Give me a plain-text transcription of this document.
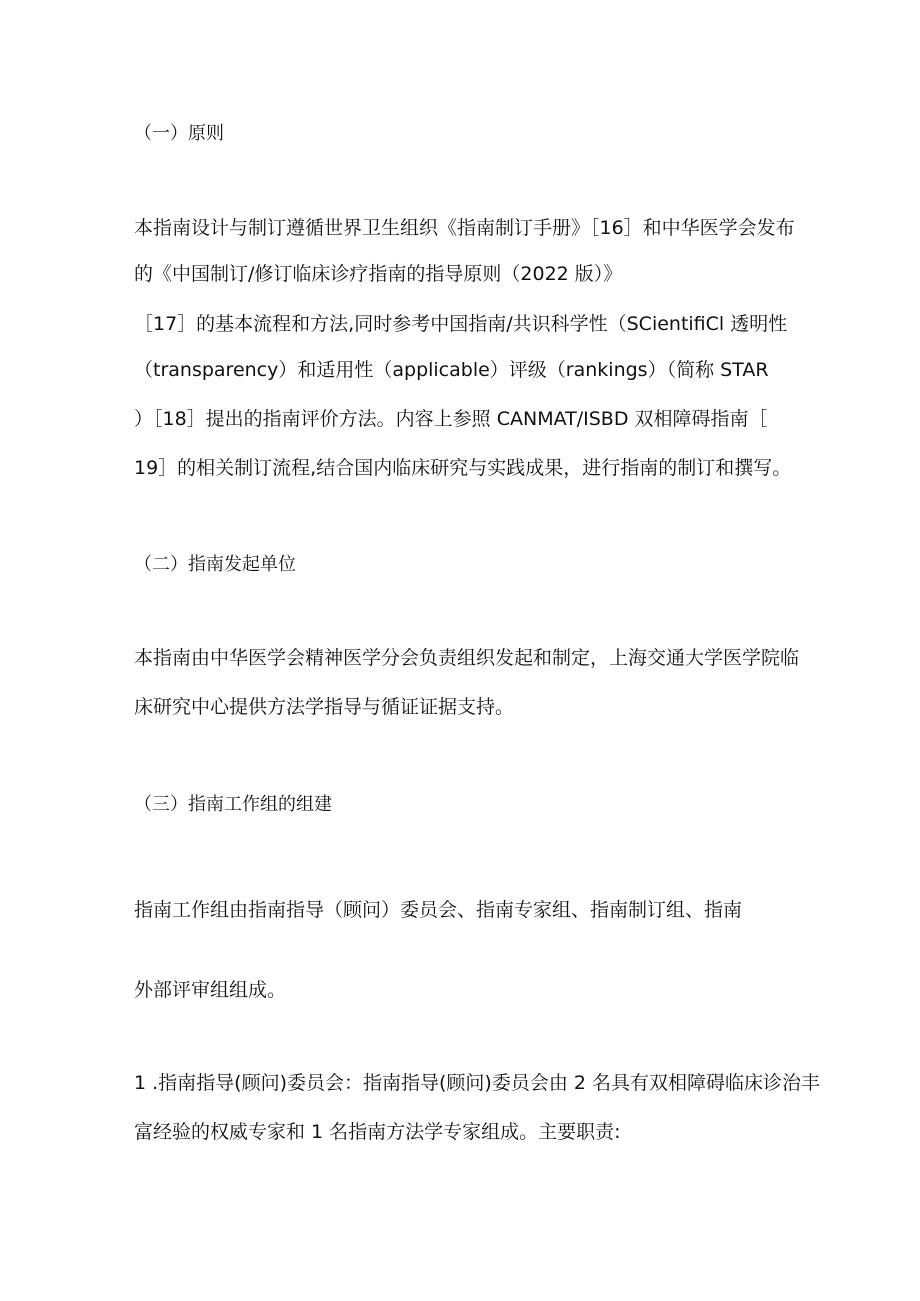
（一）原则
本指南设计与制订遵循世界卫生组织《指南制订手册》［16］和中华医学会发布
的《中国制订/修订临床诊疗指南的指导原则（2022 版）》
［17］的基本流程和方法,同时参考中国指南/共识科学性（SCientifiCl 透明性
（transparency）和适用性（applicable）评级（rankings）（简称 STAR
）［18］提出的指南评价方法。内容上参照 CANMAT/ISBD 双相障碍指南［
19］的相关制订流程,结合国内临床研究与实践成果，进行指南的制订和撰写。
（二）指南发起单位
本指南由中华医学会精神医学分会负责组织发起和制定，上海交通大学医学院临
床研究中心提供方法学指导与循证证据支持。
（三）指南工作组的组建
指南工作组由指南指导（顾问）委员会、指南专家组、指南制订组、指南
外部评审组组成。
1 .指南指导(顾问)委员会：指南指导(顾问)委员会由 2 名具有双相障碍临床诊治丰
富经验的权威专家和 1 名指南方法学专家组成。主要职责:
